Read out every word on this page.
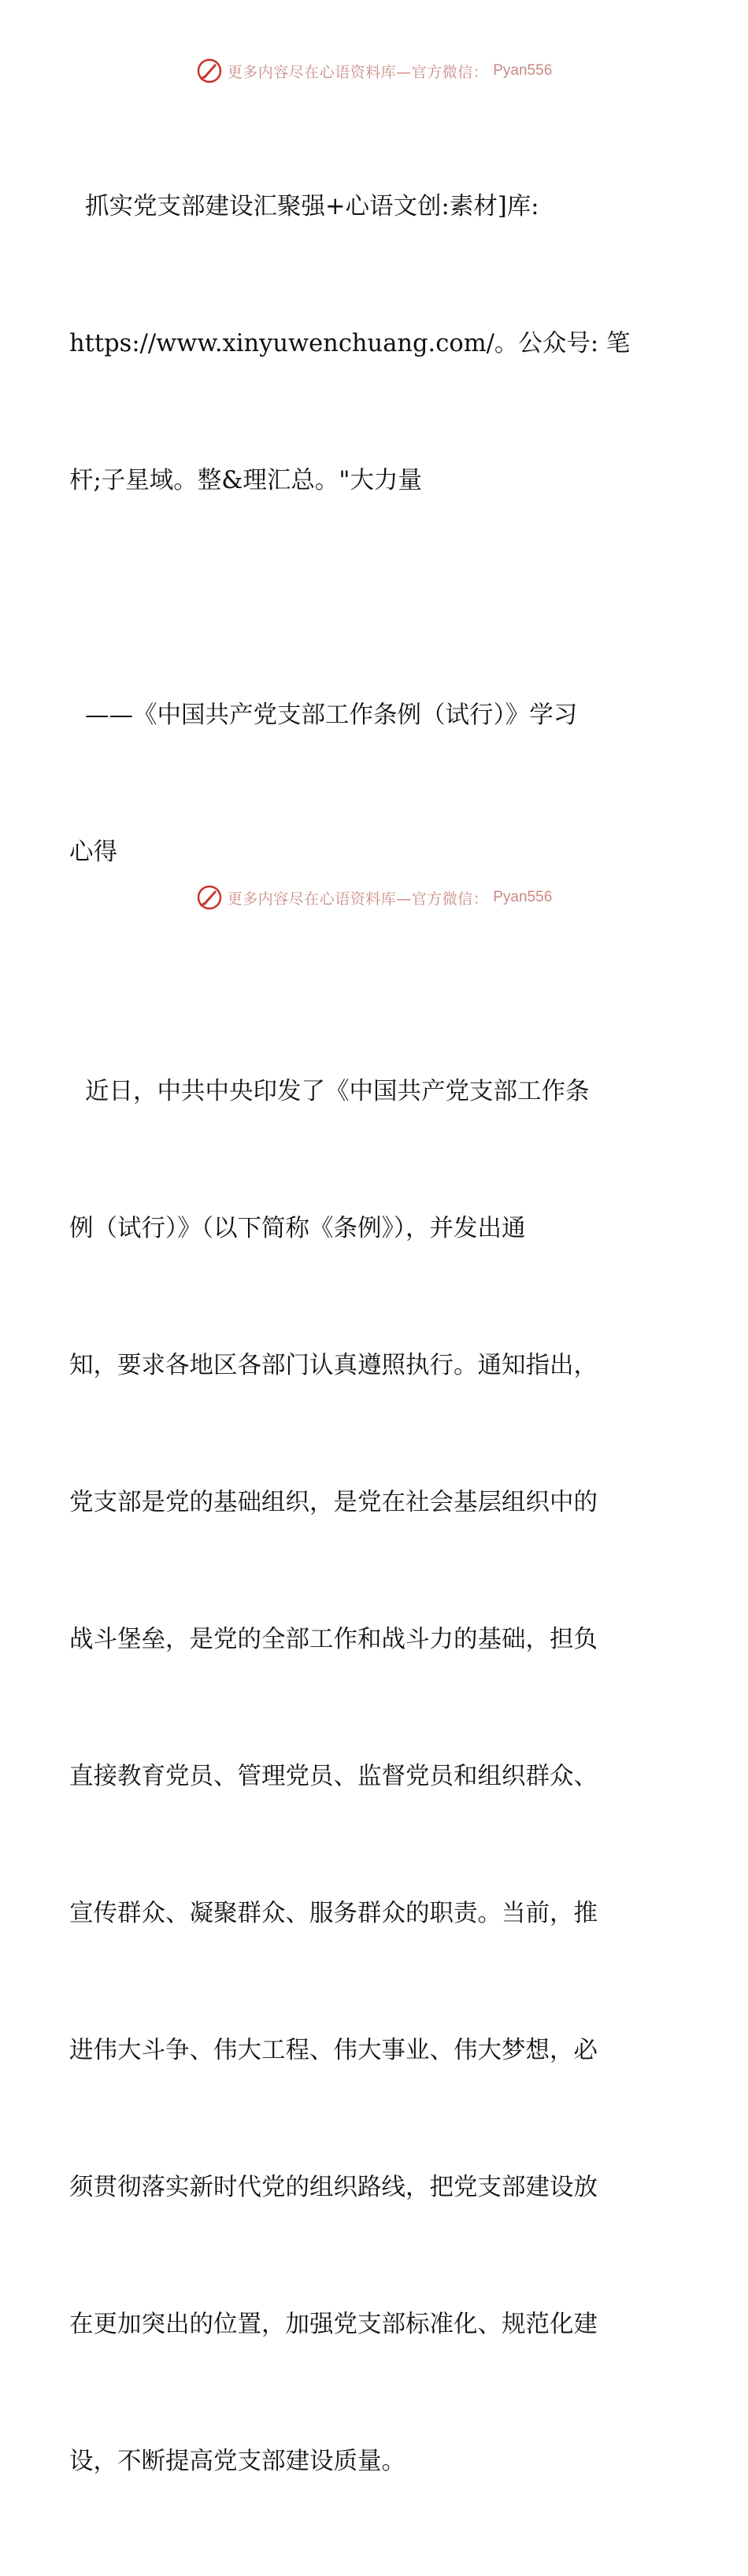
更多内容尽在心语资料库—官方微信： Pyan556

抓实党支部建设汇聚强+心语文创:素材]库:

https://www.xinyuwenchuang.com/。公众号: 笔

杆;子星域。整&理汇总。"大力量

——《中国共产党支部工作条例（试行）》学习

心得

近日，中共中央印发了《中国共产党支部工作条

例（试行）》（以下简称《条例》），并发出通

知，要求各地区各部门认真遵照执行。通知指出，

党支部是党的基础组织，是党在社会基层组织中的

战斗堡垒，是党的全部工作和战斗力的基础，担负

直接教育党员、管理党员、监督党员和组织群众、

宣传群众、凝聚群众、服务群众的职责。当前，推

进伟大斗争、伟大工程、伟大事业、伟大梦想，必

须贯彻落实新时代党的组织路线，把党支部建设放

在更加突出的位置，加强党支部标准化、规范化建

设，不断提高党支部建设质量。

更多内容尽在心语资料库—官方微信： Pyan556
